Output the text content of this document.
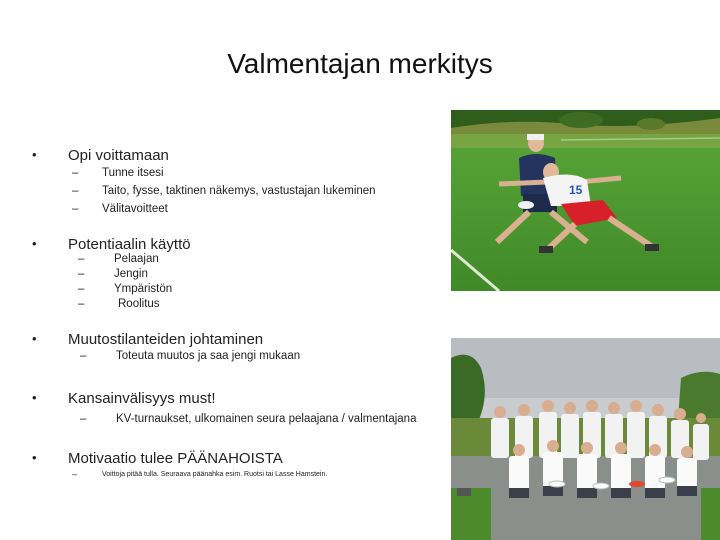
Valmentajan merkitys
• Opi voittamaan
– Tunne itsesi
– Taito, fysse, taktinen näkemys, vastustajan lukeminen
– Välitavoitteet
• Potentiaalin käyttö
–	Pelaajan
–	Jengin
–	Ympäristön
–	Roolitus
• Muutostilanteiden johtaminen
–	Toteuta muutos ja saa jengi mukaan
• Kansainvälisyys must!
–	KV-turnaukset, ulkomainen seura pelaajana / valmentajana
• Motivaatio tulee PÄÄNAHOISTA
–	Voittoja pitää tulla. Seuraava päänahka esim. Ruotsi tai Lasse Hamstein.
15
